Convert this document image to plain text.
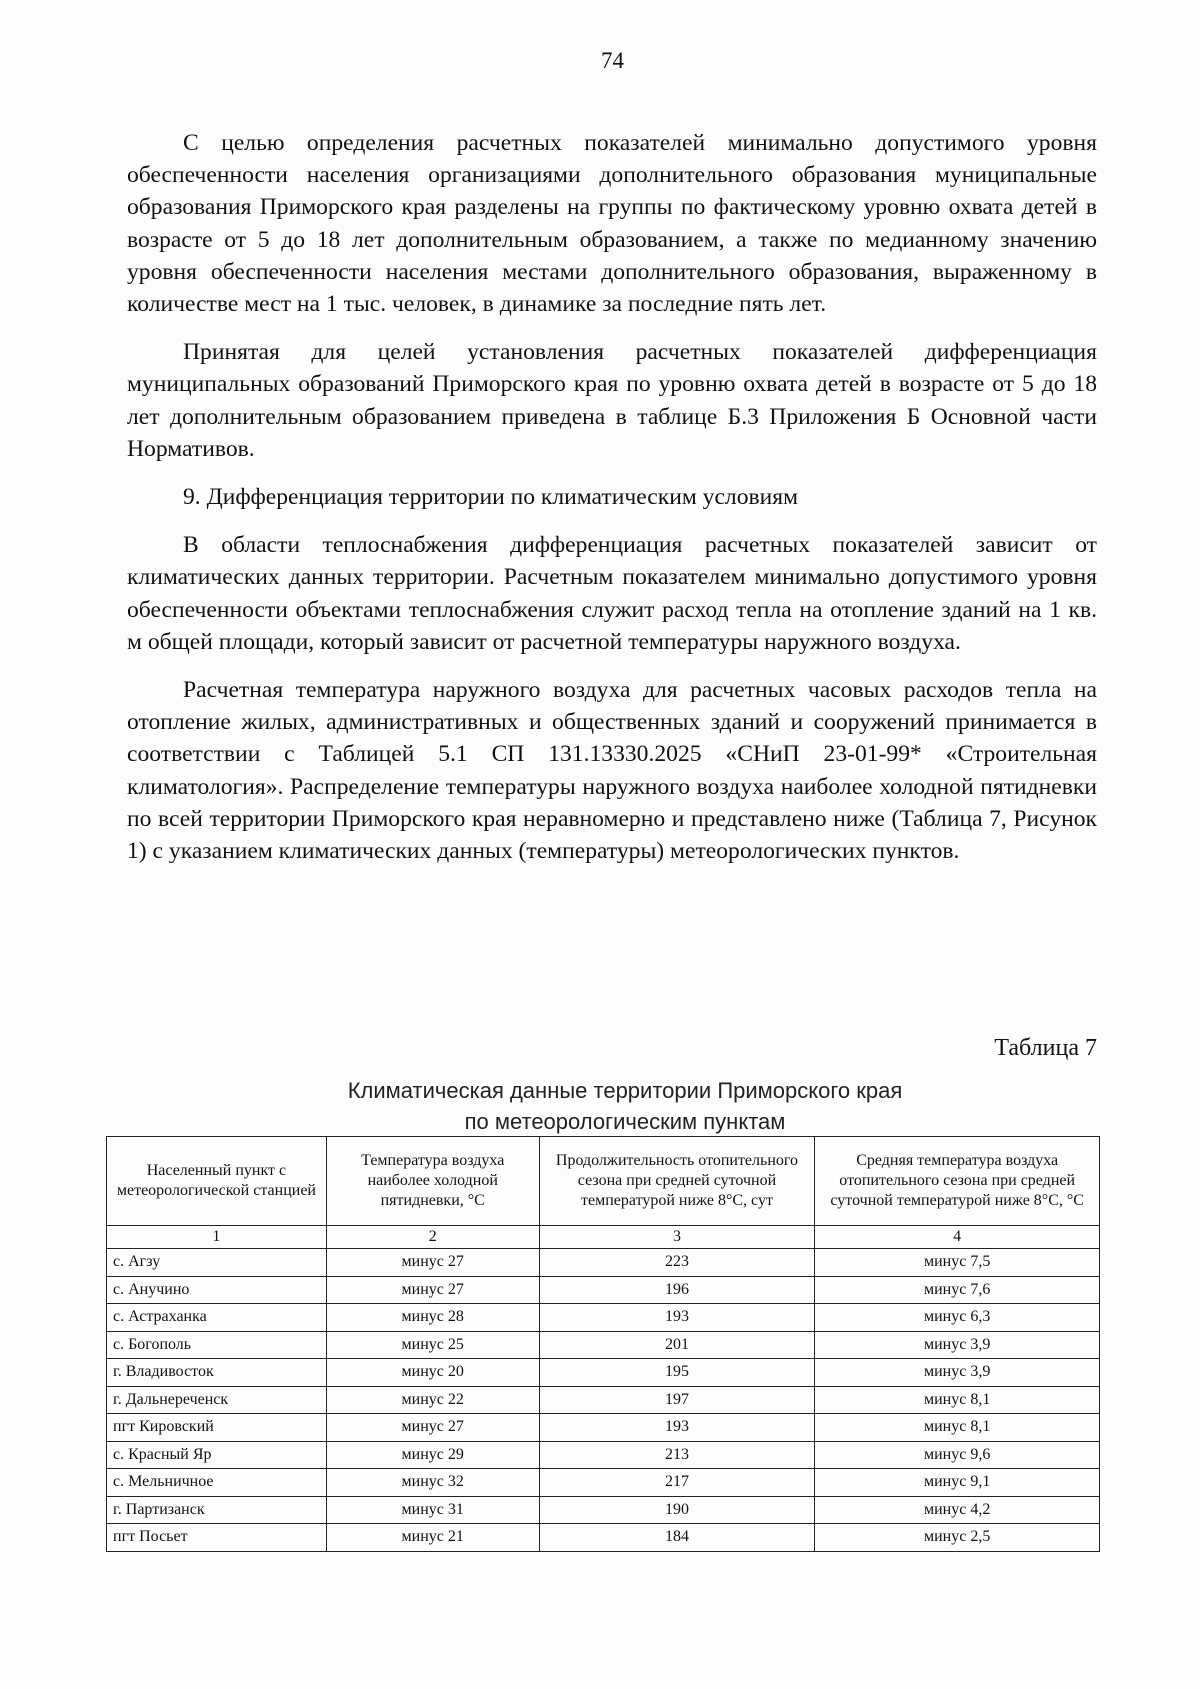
74

С целью определения расчетных показателей минимально допустимого уровня обеспеченности населения организациями дополнительного образования муниципальные образования Приморского края разделены на группы по фактическому уровню охвата детей в возрасте от 5 до 18 лет дополнительным образованием, а также по медианному значению уровня обеспеченности населения местами дополнительного образования, выраженному в количестве мест на 1 тыс. человек, в динамике за последние пять лет.

Принятая для целей установления расчетных показателей дифференциация муниципальных образований Приморского края по уровню охвата детей в возрасте от 5 до 18 лет дополнительным образованием приведена в таблице Б.3 Приложения Б Основной части Нормативов.

9. Дифференциация территории по климатическим условиям

В области теплоснабжения дифференциация расчетных показателей зависит от климатических данных территории. Расчетным показателем минимально допустимого уровня обеспеченности объектами теплоснабжения служит расход тепла на отопление зданий на 1 кв. м общей площади, который зависит от расчетной температуры наружного воздуха.

Расчетная температура наружного воздуха для расчетных часовых расходов тепла на отопление жилых, административных и общественных зданий и сооружений принимается в соответствии с Таблицей 5.1 СП 131.13330.2025 «СНиП 23-01-99* «Строительная климатология». Распределение температуры наружного воздуха наиболее холодной пятидневки по всей территории Приморского края неравномерно и представлено ниже (Таблица 7, Рисунок 1) с указанием климатических данных (температуры) метеорологических пунктов.

Таблица 7
Климатическая данные территории Приморского края
по метеорологическим пунктам
Населенный пункт с метеорологической станцией	Температура воздуха наиболее холодной пятидневки, °С	Продолжительность отопительного сезона при средней суточной температурой ниже 8°С, сут	Средняя температура воздуха отопительного сезона при средней суточной температурой ниже 8°С, °С
1	2	3	4
с. Агзу	минус 27	223	минус 7,5
с. Анучино	минус 27	196	минус 7,6
с. Астраханка	минус 28	193	минус 6,3
с. Богополь	минус 25	201	минус 3,9
г. Владивосток	минус 20	195	минус 3,9
г. Дальнереченск	минус 22	197	минус 8,1
пгт Кировский	минус 27	193	минус 8,1
с. Красный Яр	минус 29	213	минус 9,6
с. Мельничное	минус 32	217	минус 9,1
г. Партизанск	минус 31	190	минус 4,2
пгт Посьет	минус 21	184	минус 2,5
